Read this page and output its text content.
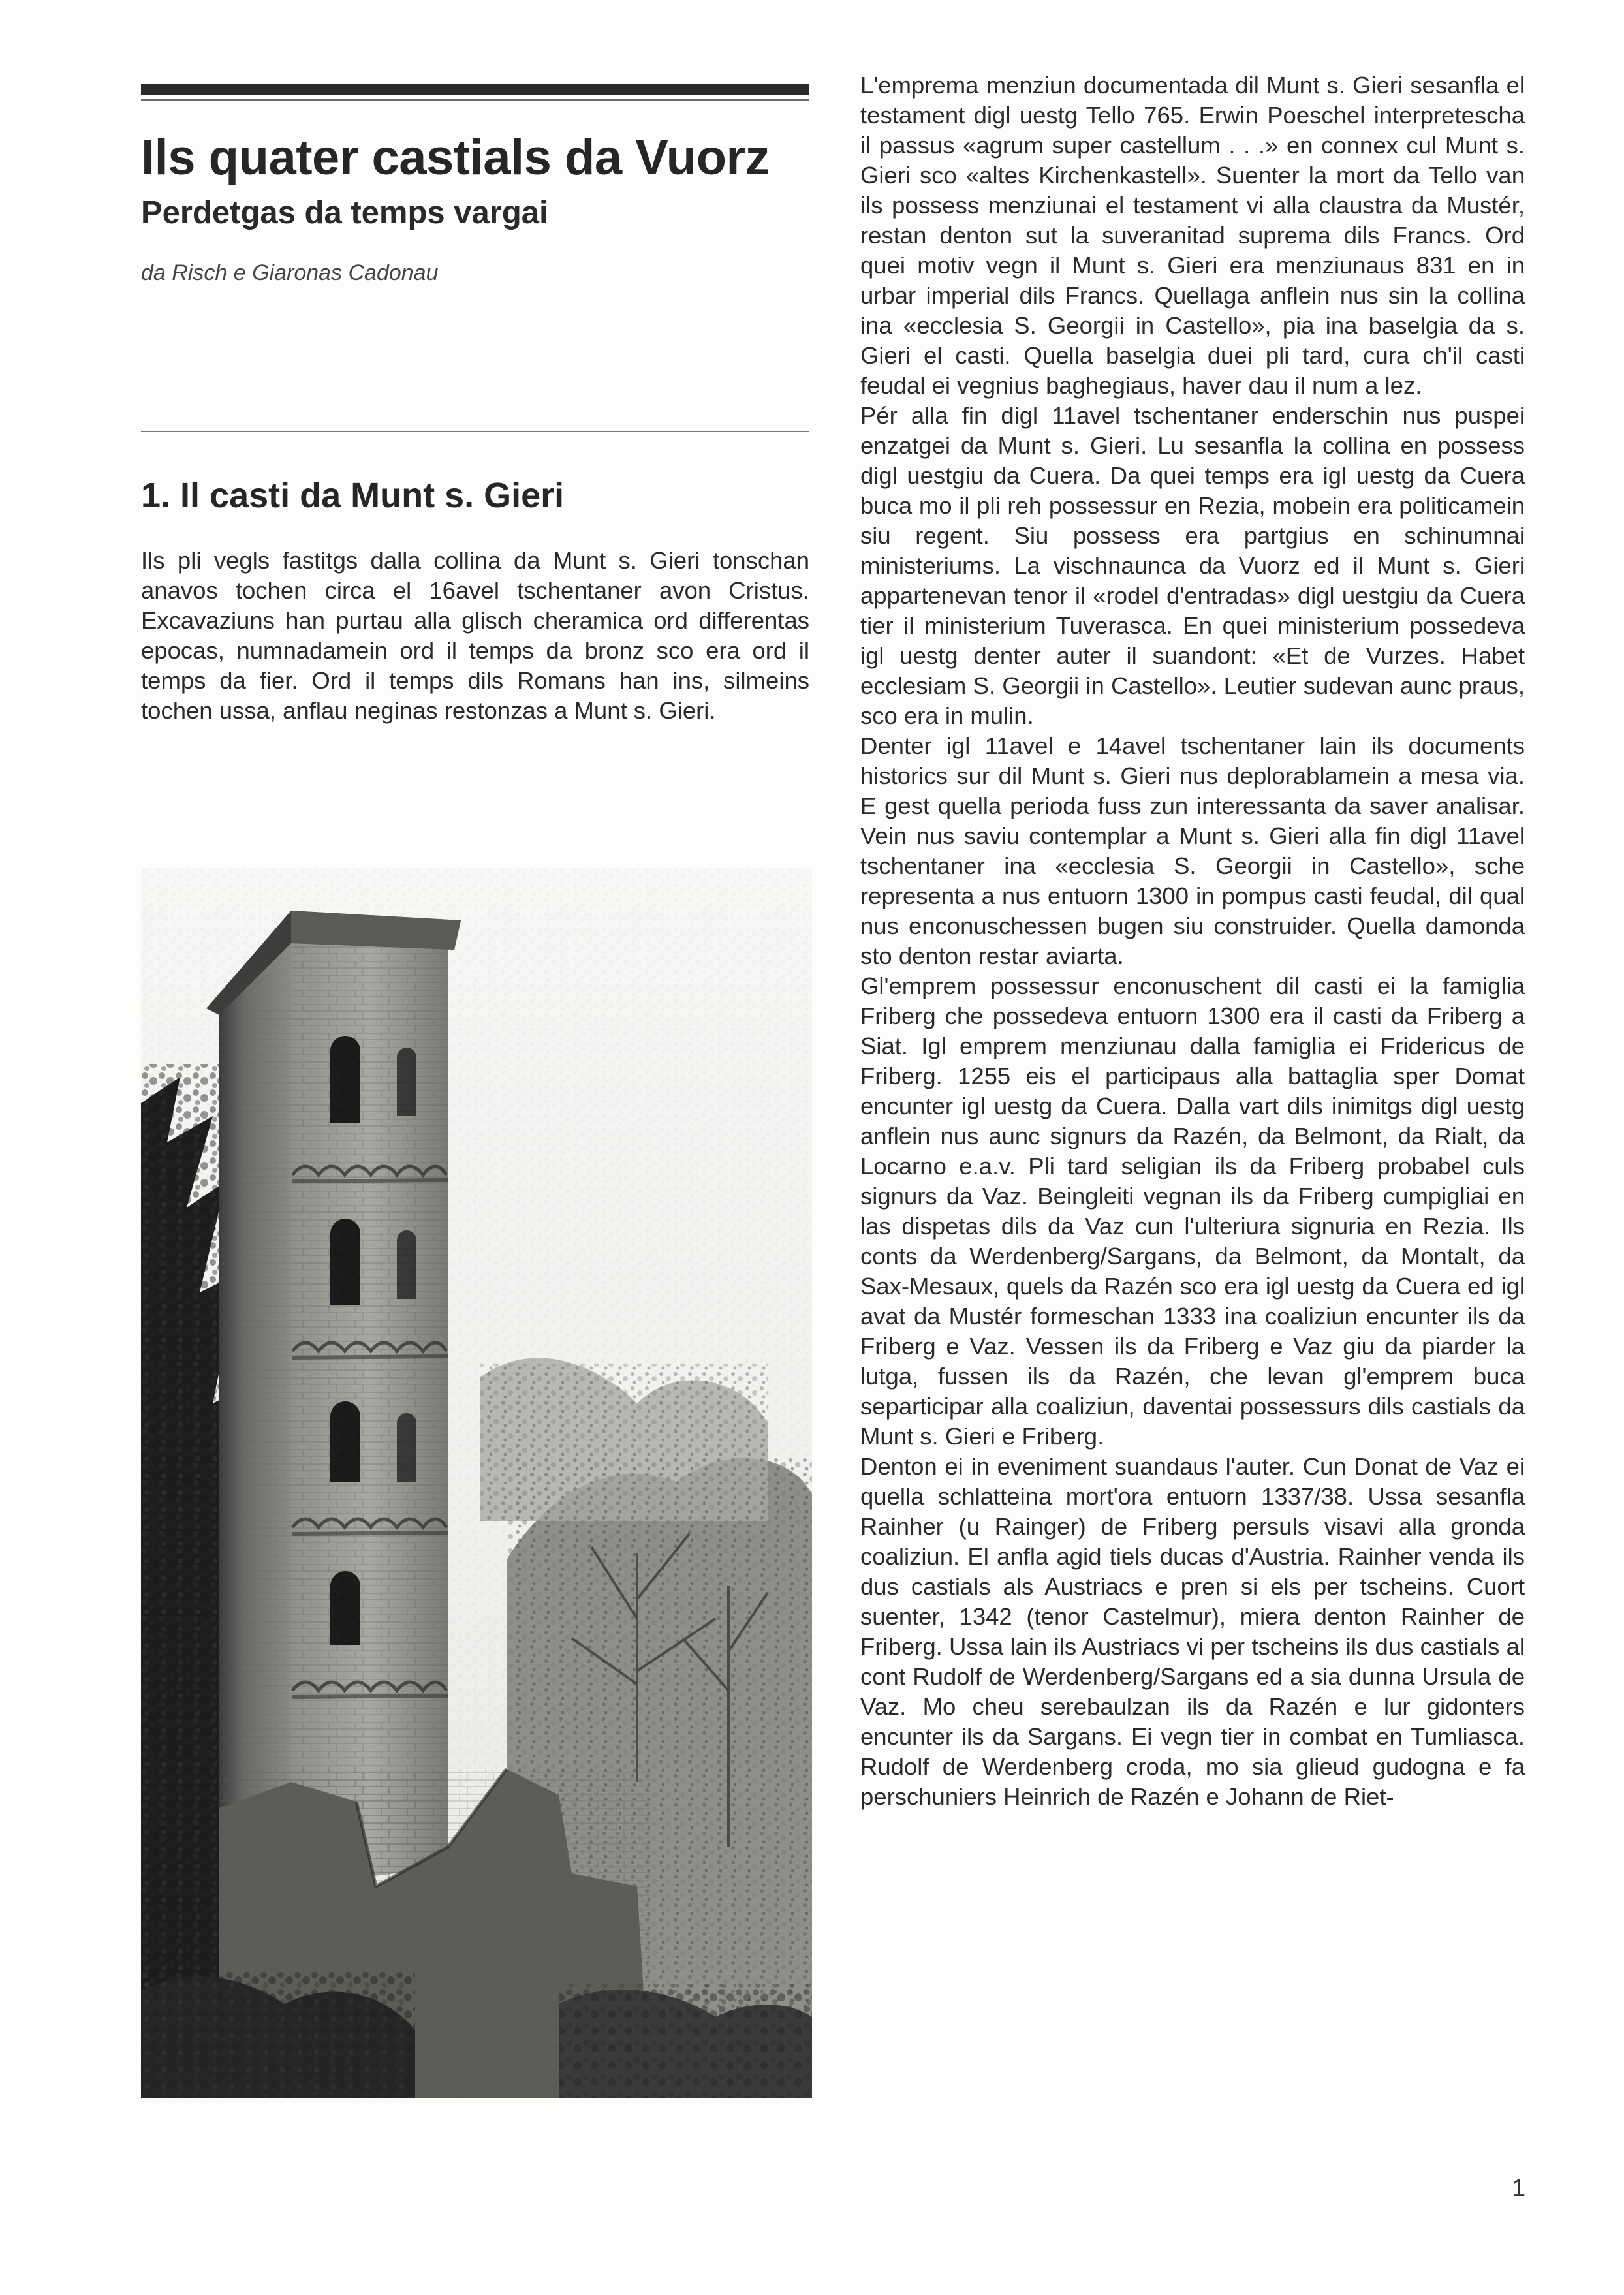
Ils quater castials da Vuorz
Perdetgas da temps vargai
da Risch e Giaronas Cadonau
1. Il casti da Munt s. Gieri

Ils pli vegls fastitgs dalla collina da Munt s. Gieri tonschan anavos tochen circa el 16avel tschentaner avon Cristus. Excavaziuns han purtau alla glisch cheramica ord differentas epocas, numnadamein ord il temps da bronz sco era ord il temps da fier. Ord il temps dils Romans han ins, silmeins tochen ussa, anflau neginas restonzas a Munt s. Gieri.

L'emprema menziun documentada dil Munt s. Gieri sesanfla el testament digl uestg Tello 765. Erwin Poeschel interpretescha il passus «agrum super castellum . . .» en connex cul Munt s. Gieri sco «altes Kirchenkastell». Suenter la mort da Tello van ils possess menziunai el testament vi alla claustra da Mustér, restan denton sut la suveranitad suprema dils Francs. Ord quei motiv vegn il Munt s. Gieri era menziunaus 831 en in urbar imperial dils Francs. Quellaga anflein nus sin la collina ina «ecclesia S. Georgii in Castello», pia ina baselgia da s. Gieri el casti. Quella baselgia duei pli tard, cura ch'il casti feudal ei vegnius baghegiaus, haver dau il num a lez.

Pér alla fin digl 11avel tschentaner enderschin nus puspei enzatgei da Munt s. Gieri. Lu sesanfla la collina en possess digl uestgiu da Cuera. Da quei temps era igl uestg da Cuera buca mo il pli reh possessur en Rezia, mobein era politicamein siu regent. Siu possess era partgius en schinumnai ministeriums. La vischnaunca da Vuorz ed il Munt s. Gieri appartenevan tenor il «rodel d'entradas» digl uestgiu da Cuera tier il ministerium Tuverasca. En quei ministerium possedeva igl uestg denter auter il suandont: «Et de Vurzes. Habet ecclesiam S. Georgii in Castello». Leutier sudevan aunc praus, sco era in mulin.

Denter igl 11avel e 14avel tschentaner lain ils documents historics sur dil Munt s. Gieri nus deplorablamein a mesa via. E gest quella perioda fuss zun interessanta da saver analisar. Vein nus saviu contemplar a Munt s. Gieri alla fin digl 11avel tschentaner ina «ecclesia S. Georgii in Castello», sche representa a nus entuorn 1300 in pompus casti feudal, dil qual nus enconuschessen bugen siu construider. Quella damonda sto denton restar aviarta.

Gl'emprem possessur enconuschent dil casti ei la famiglia Friberg che possedeva entuorn 1300 era il casti da Friberg a Siat. Igl emprem menziunau dalla famiglia ei Fridericus de Friberg. 1255 eis el participaus alla battaglia sper Domat encunter igl uestg da Cuera. Dalla vart dils inimitgs digl uestg anflein nus aunc signurs da Razén, da Belmont, da Rialt, da Locarno e.a.v. Pli tard seligian ils da Friberg probabel culs signurs da Vaz. Beingleiti vegnan ils da Friberg cumpigliai en las dispetas dils da Vaz cun l'ulteriura signuria en Rezia. Ils conts da Werdenberg/Sargans, da Belmont, da Montalt, da Sax-Mesaux, quels da Razén sco era igl uestg da Cuera ed igl avat da Mustér formeschan 1333 ina coaliziun encunter ils da Friberg e Vaz. Vessen ils da Friberg e Vaz giu da piarder la lutga, fussen ils da Razén, che levan gl'emprem buca separticipar alla coaliziun, daventai possessurs dils castials da Munt s. Gieri e Friberg.

Denton ei in eveniment suandaus l'auter. Cun Donat de Vaz ei quella schlatteina mort'ora entuorn 1337/38. Ussa sesanfla Rainher (u Rainger) de Friberg persuls visavi alla gronda coaliziun. El anfla agid tiels ducas d'Austria. Rainher venda ils dus castials als Austriacs e pren si els per tscheins. Cuort suenter, 1342 (tenor Castelmur), miera denton Rainher de Friberg. Ussa lain ils Austriacs vi per tscheins ils dus castials al cont Rudolf de Werdenberg/Sargans ed a sia dunna Ursula de Vaz. Mo cheu serebaulzan ils da Razén e lur gidonters encunter ils da Sargans. Ei vegn tier in combat en Tumliasca. Rudolf de Werdenberg croda, mo sia glieud gudogna e fa perschuniers Heinrich de Razén e Johann de Riet-

1
